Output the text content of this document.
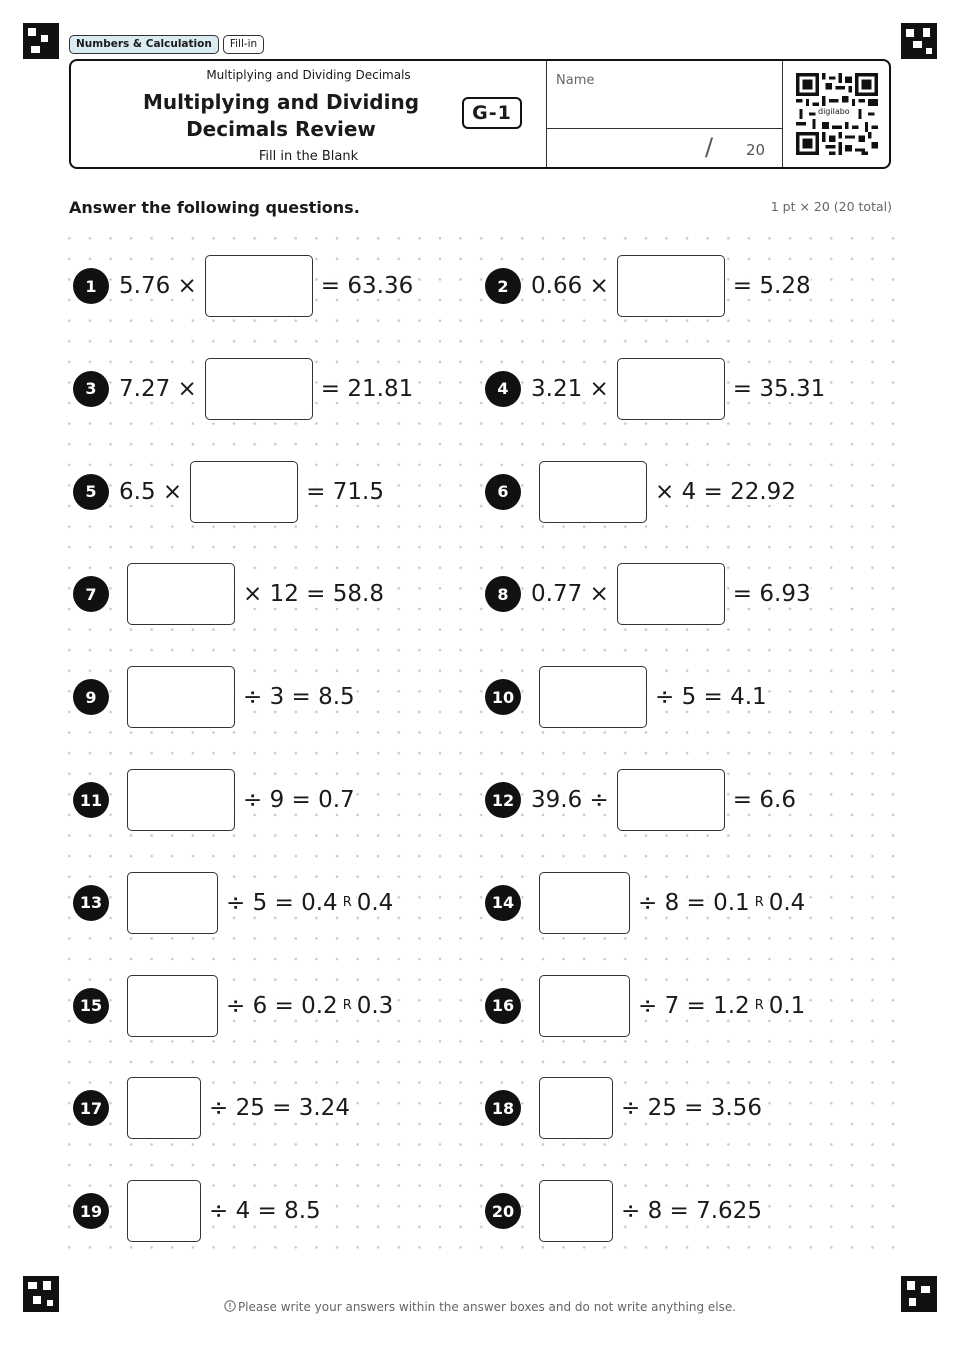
Numbers & Calculation	Fill-in
Multiplying and Dividing Decimals
Multiplying and Dividing Decimals Review
G-1
Fill in the Blank
Name
/ 20
digilabo
Answer the following questions.	1 pt × 20 (20 total)
1 5.76 ×	= 63.36	2 0.66 ×	= 5.28
3 7.27 ×	= 21.81	4 3.21 ×	= 35.31
5 6.5 ×	= 71.5	6	× 4 = 22.92
7	× 12 = 58.8	8 0.77 ×	= 6.93
9	÷ 3 = 8.5	10	÷ 5 = 4.1
11	÷ 9 = 0.7	12 39.6 ÷	= 6.6
13	÷ 5 = 0.4 R 0.4	14	÷ 8 = 0.1 R 0.4
15	÷ 6 = 0.2 R 0.3	16	÷ 7 = 1.2 R 0.1
17	÷ 25 = 3.24	18	÷ 25 = 3.56
19	÷ 4 = 8.5	20	÷ 8 = 7.625
Please write your answers within the answer boxes and do not write anything else.
